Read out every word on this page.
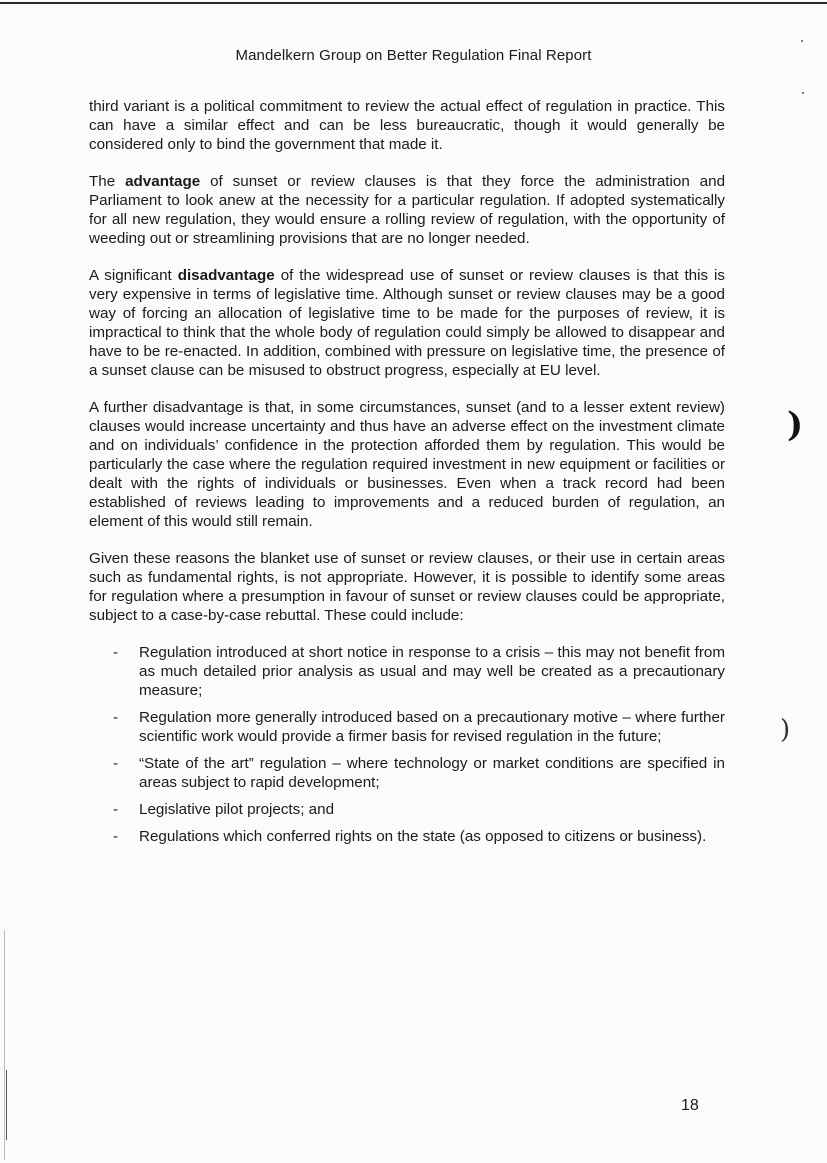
Mandelkern Group on Better Regulation Final Report

third variant is a political commitment to review the actual effect of regulation in practice. This can have a similar effect and can be less bureaucratic, though it would generally be considered only to bind the government that made it.

The advantage of sunset or review clauses is that they force the administration and Parliament to look anew at the necessity for a particular regulation. If adopted systematically for all new regulation, they would ensure a rolling review of regulation, with the opportunity of weeding out or streamlining provisions that are no longer needed.

A significant disadvantage of the widespread use of sunset or review clauses is that this is very expensive in terms of legislative time. Although sunset or review clauses may be a good way of forcing an allocation of legislative time to be made for the purposes of review, it is impractical to think that the whole body of regulation could simply be allowed to disappear and have to be re-enacted. In addition, combined with pressure on legislative time, the presence of a sunset clause can be misused to obstruct progress, especially at EU level.

A further disadvantage is that, in some circumstances, sunset (and to a lesser extent review) clauses would increase uncertainty and thus have an adverse effect on the investment climate and on individuals’ confidence in the protection afforded them by regulation. This would be particularly the case where the regulation required investment in new equipment or facilities or dealt with the rights of individuals or businesses. Even when a track record had been established of reviews leading to improvements and a reduced burden of regulation, an element of this would still remain.

Given these reasons the blanket use of sunset or review clauses, or their use in certain areas such as fundamental rights, is not appropriate. However, it is possible to identify some areas for regulation where a presumption in favour of sunset or review clauses could be appropriate, subject to a case-by-case rebuttal. These could include:

- Regulation introduced at short notice in response to a crisis – this may not benefit from as much detailed prior analysis as usual and may well be created as a precautionary measure;
- Regulation more generally introduced based on a precautionary motive – where further scientific work would provide a firmer basis for revised regulation in the future;
- “State of the art” regulation – where technology or market conditions are specified in areas subject to rapid development;
- Legislative pilot projects; and
- Regulations which conferred rights on the state (as opposed to citizens or business).
)
)
18
